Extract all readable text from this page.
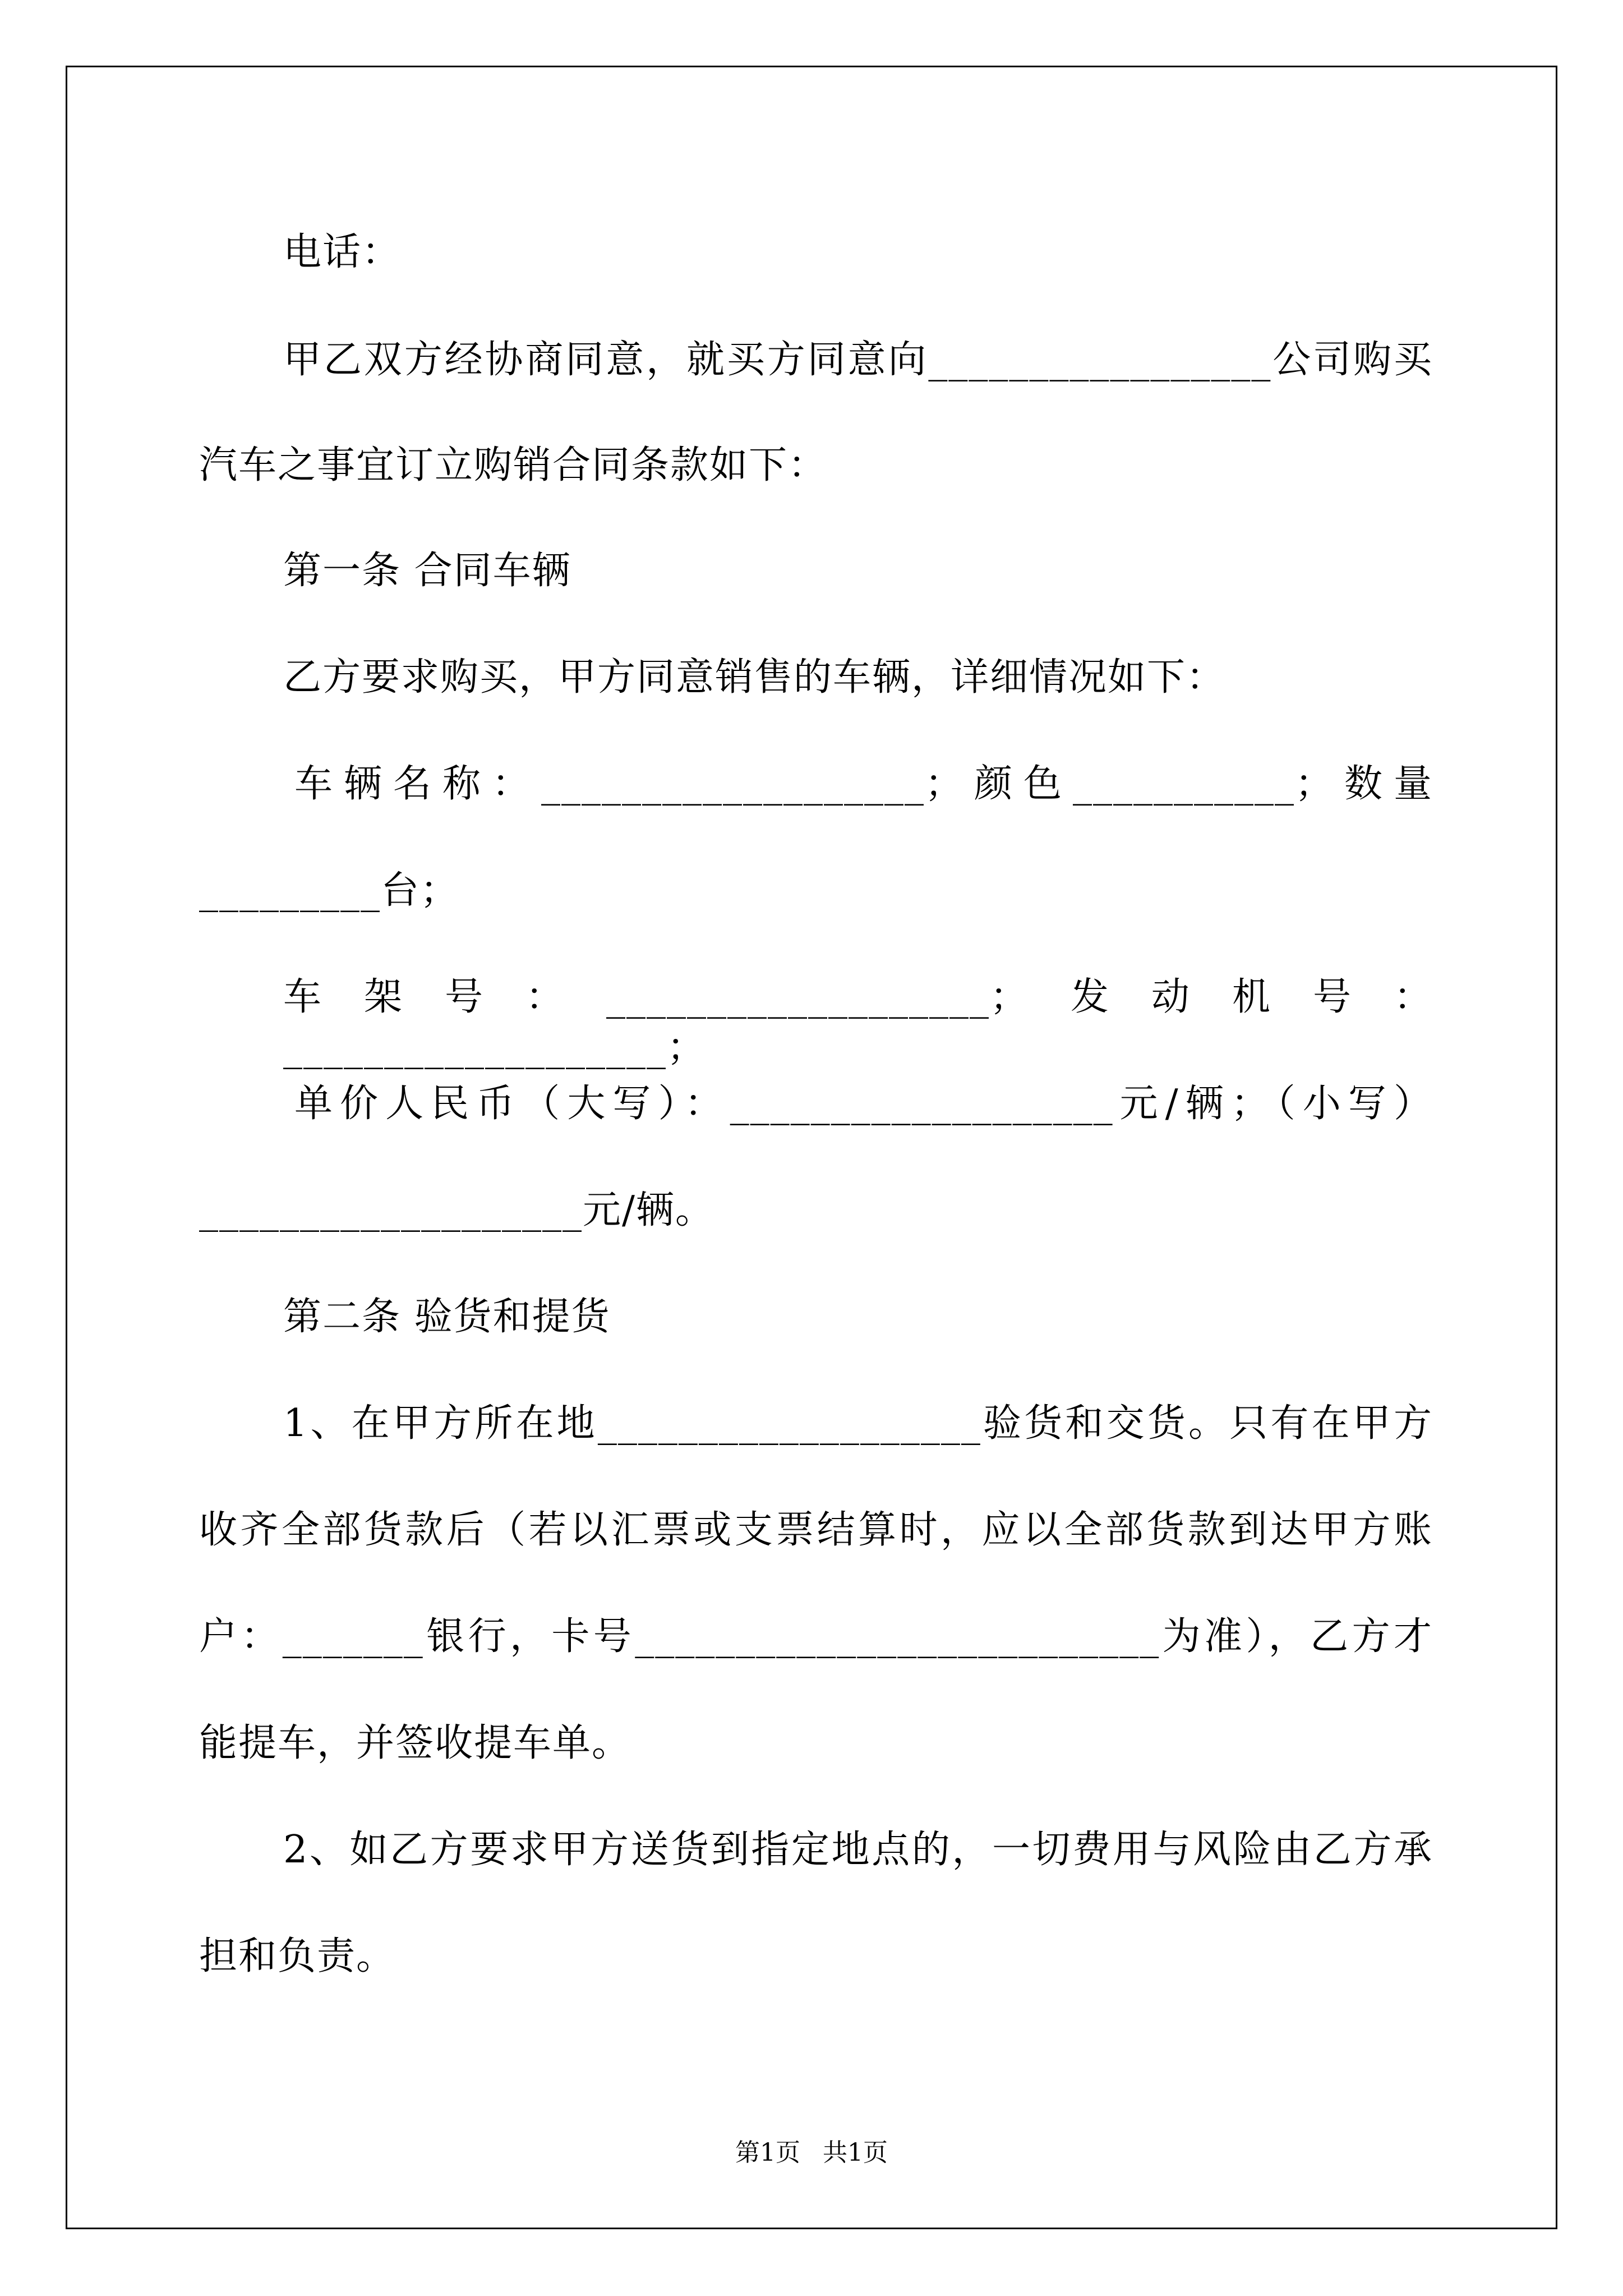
电话：
甲乙双方经协商同意，就买方同意向_________________公司购买
汽车之事宜订立购销合同条款如下：
第一条 合同车辆
乙方要求购买，甲方同意销售的车辆，详细情况如下：
车辆名称：___________________；颜色___________；数量
_________台；
车架号：___________________；发动机号：___________________；
单价人民币（大写）：___________________元/辆；（小写）
___________________元/辆。
第二条 验货和提货
1、在甲方所在地___________________验货和交货。只有在甲方
收齐全部货款后（若以汇票或支票结算时，应以全部货款到达甲方账
户：_______银行，卡号__________________________为准），乙方才
能提车，并签收提车单。
2、如乙方要求甲方送货到指定地点的，一切费用与风险由乙方承
担和负责。
第1页 共1页
